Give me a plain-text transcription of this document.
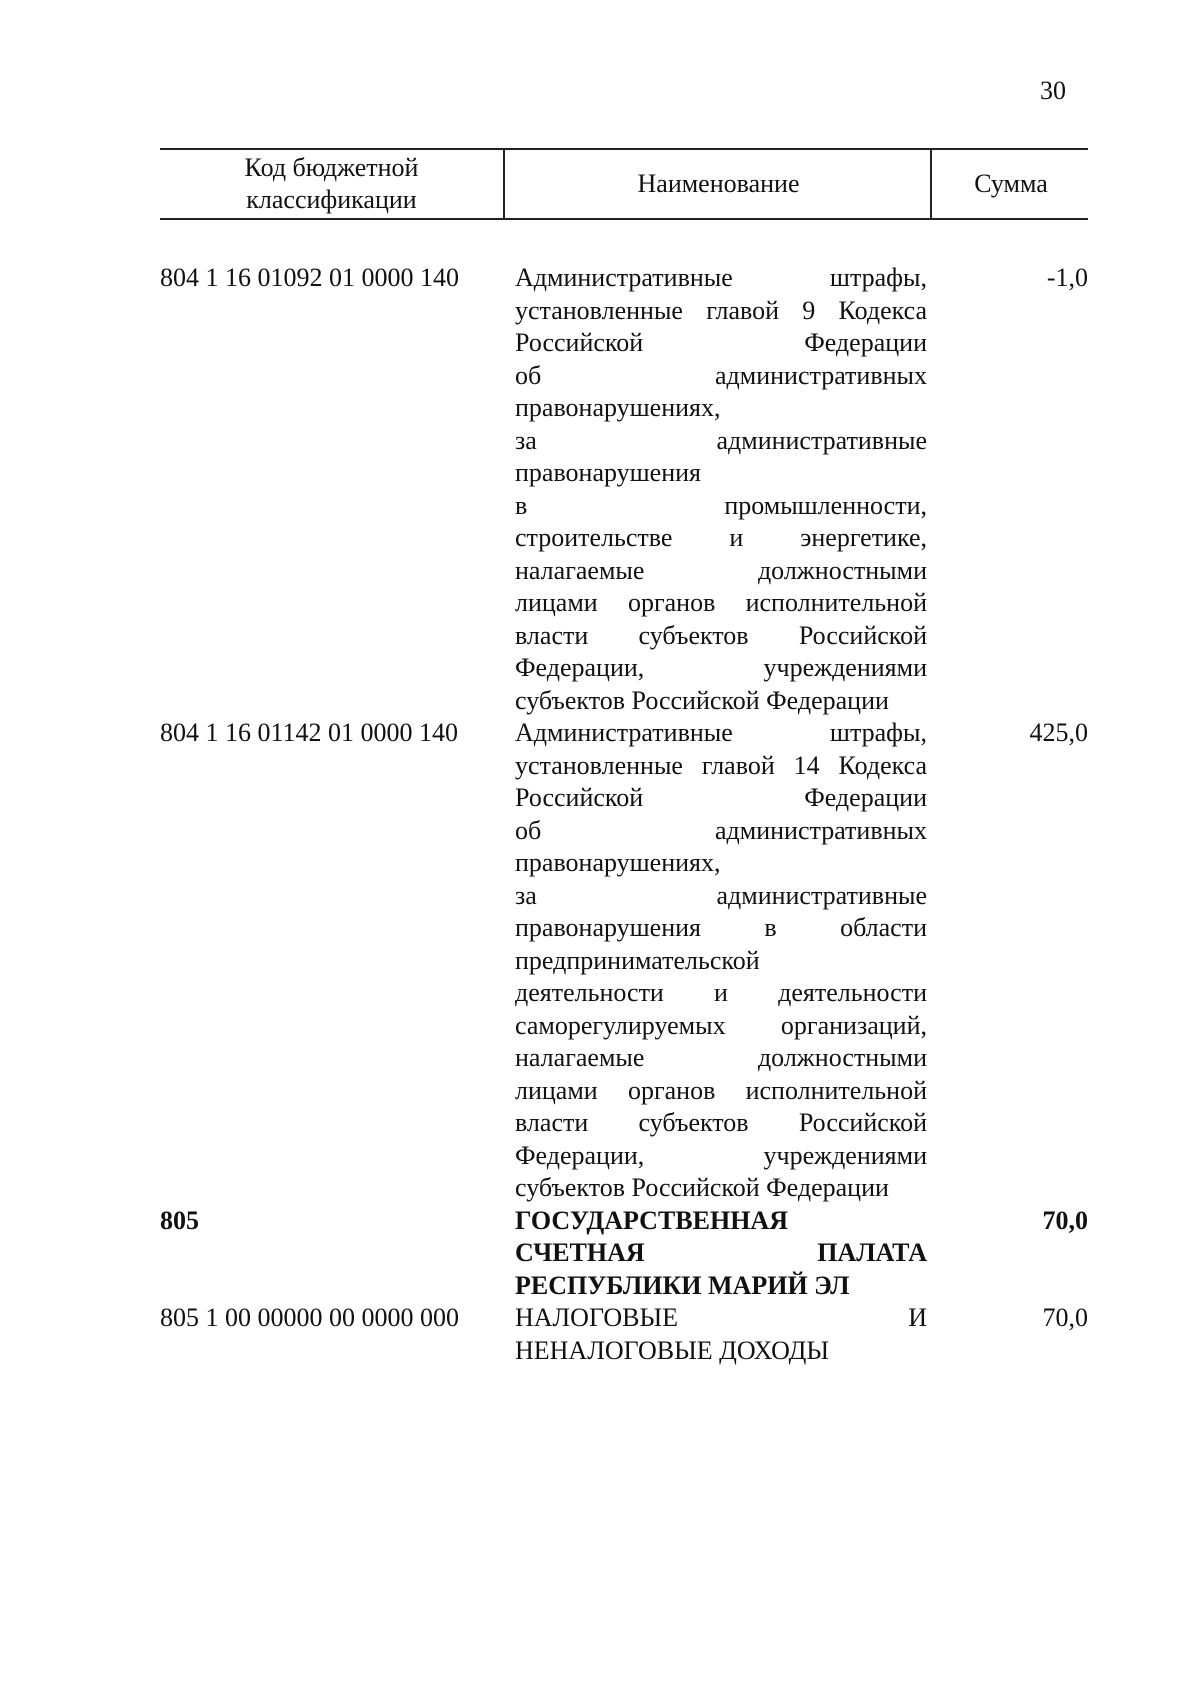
30
Код бюджетной классификации
Наименование	Сумма
804 1 16 01092 01 0000 140	Административные штрафы,
установленные главой 9 Кодекса
Российской Федерации
об административных
правонарушениях,
за административные
правонарушения
в промышленности,
строительстве и энергетике,
налагаемые должностными
лицами органов исполнительной
власти субъектов Российской
Федерации, учреждениями
субъектов Российской Федерации
-1,0
804 1 16 01142 01 0000 140	Административные штрафы,
установленные главой 14 Кодекса
Российской Федерации
об административных
правонарушениях,
за административные
правонарушения в области
предпринимательской
деятельности и деятельности
саморегулируемых организаций,
налагаемые должностными
лицами органов исполнительной
власти субъектов Российской
Федерации, учреждениями
субъектов Российской Федерации
425,0
805	ГОСУДАРСТВЕННАЯ
СЧЕТНАЯ ПАЛАТА
РЕСПУБЛИКИ МАРИЙ ЭЛ
70,0
805 1 00 00000 00 0000 000	НАЛОГОВЫЕ И
НЕНАЛОГОВЫЕ ДОХОДЫ
70,0
